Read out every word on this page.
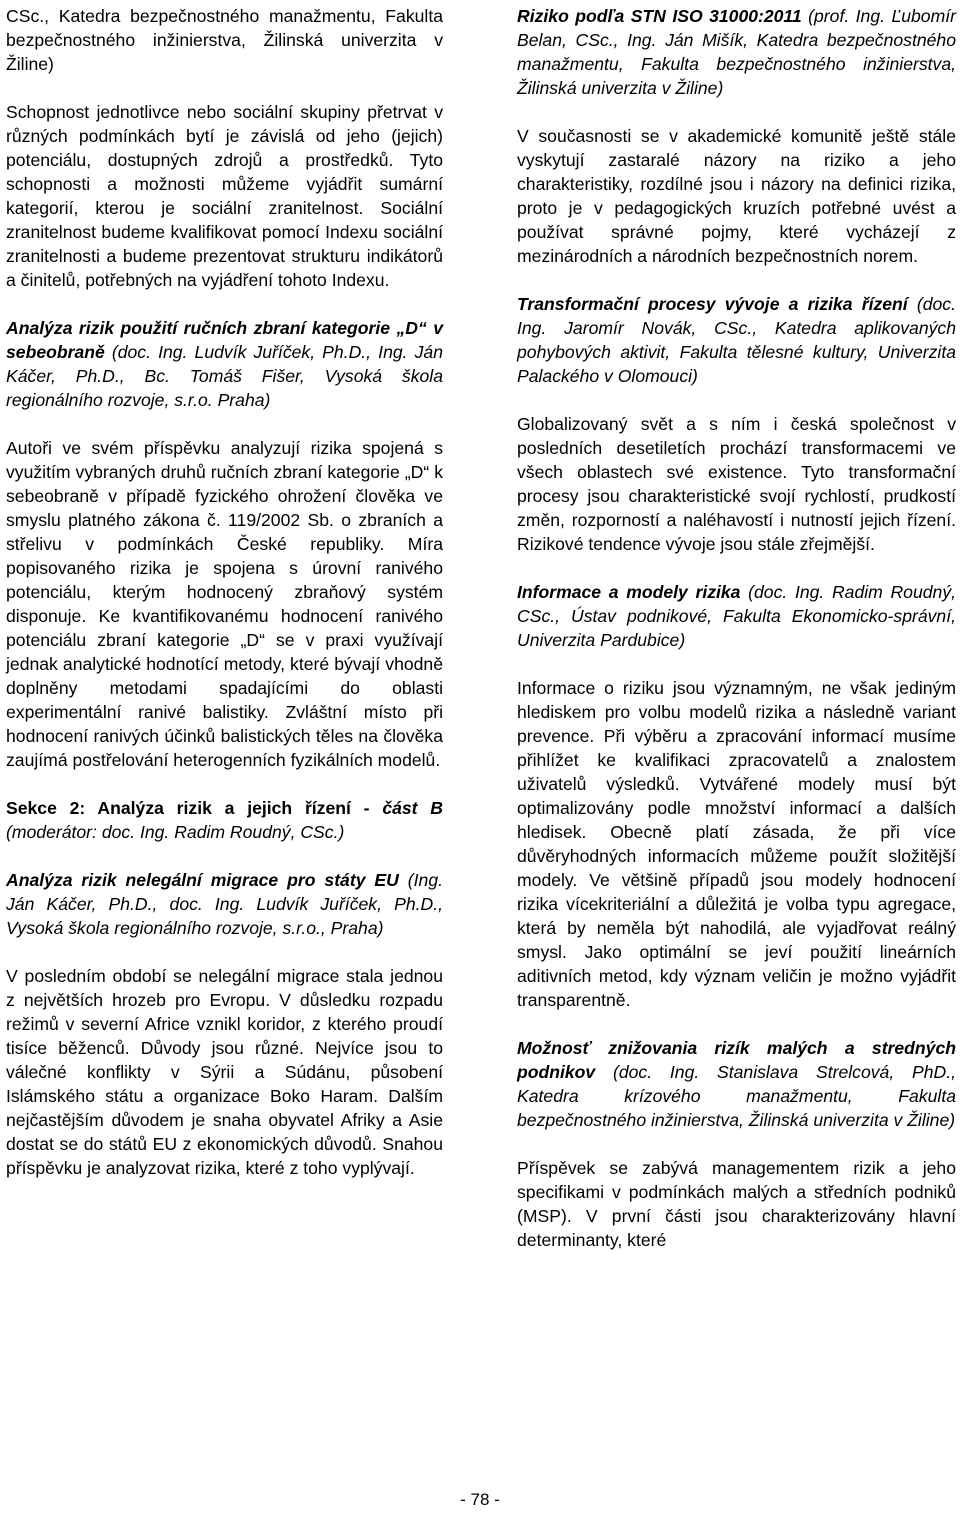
CSc., Katedra bezpečnostného manažmentu, Fakulta bezpečnostného inžinierstva, Žilinská univerzita v Žiline)

Schopnost jednotlivce nebo sociální skupiny přetrvat v různých podmínkách bytí je závislá od jeho (jejich) potenciálu, dostupných zdrojů a prostředků. Tyto schopnosti a možnosti můžeme vyjádřit sumární kategorií, kterou je sociální zranitelnost. Sociální zranitelnost budeme kvalifikovat pomocí Indexu sociální zranitelnosti a budeme prezentovat strukturu indikátorů a činitelů, potřebných na vyjádření tohoto Indexu.

Analýza rizik použití ručních zbraní kategorie „D“ v sebeobraně (doc. Ing. Ludvík Juříček, Ph.D., Ing. Ján Káčer, Ph.D., Bc. Tomáš Fišer, Vysoká škola regionálního rozvoje, s.r.o. Praha)

Autoři ve svém příspěvku analyzují rizika spojená s využitím vybraných druhů ručních zbraní kategorie „D“ k sebeobraně v případě fyzického ohrožení člověka ve smyslu platného zákona č. 119/2002 Sb. o zbraních a střelivu v podmínkách České republiky. Míra popisovaného rizika je spojena s úrovní ranivého potenciálu, kterým hodnocený zbraňový systém disponuje. Ke kvantifikovanému hodnocení ranivého potenciálu zbraní kategorie „D“ se v praxi využívají jednak analytické hodnotící metody, které bývají vhodně doplněny metodami spadajícími do oblasti experimentální ranivé balistiky. Zvláštní místo při hodnocení ranivých účinků balistických těles na člověka zaujímá postřelování heterogenních fyzikálních modelů.

Sekce 2: Analýza rizik a jejich řízení - část B (moderátor: doc. Ing. Radim Roudný, CSc.)

Analýza rizik nelegální migrace pro státy EU (Ing. Ján Káčer, Ph.D., doc. Ing. Ludvík Juříček, Ph.D., Vysoká škola regionálního rozvoje, s.r.o., Praha)

V posledním období se nelegální migrace stala jednou z největších hrozeb pro Evropu. V důsledku rozpadu režimů v severní Africe vznikl koridor, z kterého proudí tisíce běženců. Důvody jsou různé. Nejvíce jsou to válečné konflikty v Sýrii a Súdánu, působení Islámského státu a organizace Boko Haram. Dalším nejčastějším důvodem je snaha obyvatel Afriky a Asie dostat se do států EU z ekonomických důvodů. Snahou příspěvku je analyzovat rizika, které z toho vyplývají.

Riziko podľa STN ISO 31000:2011 (prof. Ing. Ľubomír Belan, CSc., Ing. Ján Mišík, Katedra bezpečnostného manažmentu, Fakulta bezpečnostného inžinierstva, Žilinská univerzita v Žiline)

V současnosti se v akademické komunitě ještě stále vyskytují zastaralé názory na riziko a jeho charakteristiky, rozdílné jsou i názory na definici rizika, proto je v pedagogických kruzích potřebné uvést a používat správné pojmy, které vycházejí z mezinárodních a národních bezpečnostních norem.

Transformační procesy vývoje a rizika řízení (doc. Ing. Jaromír Novák, CSc., Katedra aplikovaných pohybových aktivit, Fakulta tělesné kultury, Univerzita Palackého v Olomouci)

Globalizovaný svět a s ním i česká společnost v posledních desetiletích prochází transformacemi ve všech oblastech své existence. Tyto transformační procesy jsou charakteristické svojí rychlostí, prudkostí změn, rozporností a naléhavostí i nutností jejich řízení. Rizikové tendence vývoje jsou stále zřejmější.

Informace a modely rizika (doc. Ing. Radim Roudný, CSc., Ústav podnikové, Fakulta Ekonomicko-správní, Univerzita Pardubice)

Informace o riziku jsou významným, ne však jediným hlediskem pro volbu modelů rizika a následně variant prevence. Při výběru a zpracování informací musíme přihlížet ke kvalifikaci zpracovatelů a znalostem uživatelů výsledků. Vytvářené modely musí být optimalizovány podle množství informací a dalších hledisek. Obecně platí zásada, že při více důvěryhodných informacích můžeme použít složitější modely. Ve většině případů jsou modely hodnocení rizika vícekriteriální a důležitá je volba typu agregace, která by neměla být nahodilá, ale vyjadřovat reálný smysl. Jako optimální se jeví použití lineárních aditivních metod, kdy význam veličin je možno vyjádřit transparentně.

Možnosť znižovania rizík malých a stredných podnikov (doc. Ing. Stanislava Strelcová, PhD., Katedra krízového manažmentu, Fakulta bezpečnostného inžinierstva, Žilinská univerzita v Žiline)

Příspěvek se zabývá managementem rizik a jeho specifikami v podmínkách malých a středních podniků (MSP). V první části jsou charakterizovány hlavní determinanty, které

- 78 -
